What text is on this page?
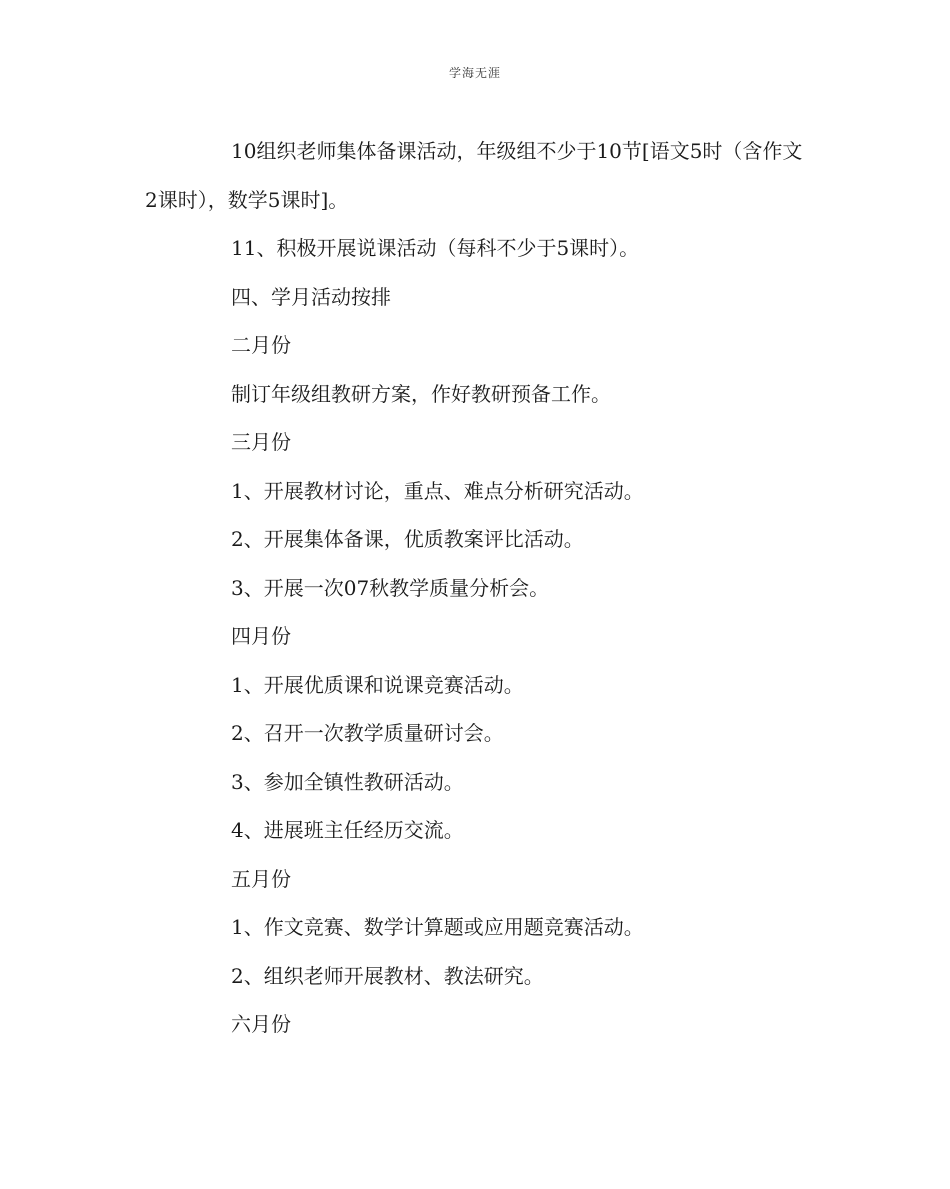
学海无涯

10组织老师集体备课活动，年级组不少于10节[语文5时（含作文2课时），数学5课时]。

11、积极开展说课活动（每科不少于5课时）。

四、学月活动按排

二月份

制订年级组教研方案，作好教研预备工作。

三月份

1、开展教材讨论，重点、难点分析研究活动。

2、开展集体备课，优质教案评比活动。

3、开展一次07秋教学质量分析会。

四月份

1、开展优质课和说课竞赛活动。

2、召开一次教学质量研讨会。

3、参加全镇性教研活动。

4、进展班主任经历交流。

五月份

1、作文竞赛、数学计算题或应用题竞赛活动。

2、组织老师开展教材、教法研究。

六月份
